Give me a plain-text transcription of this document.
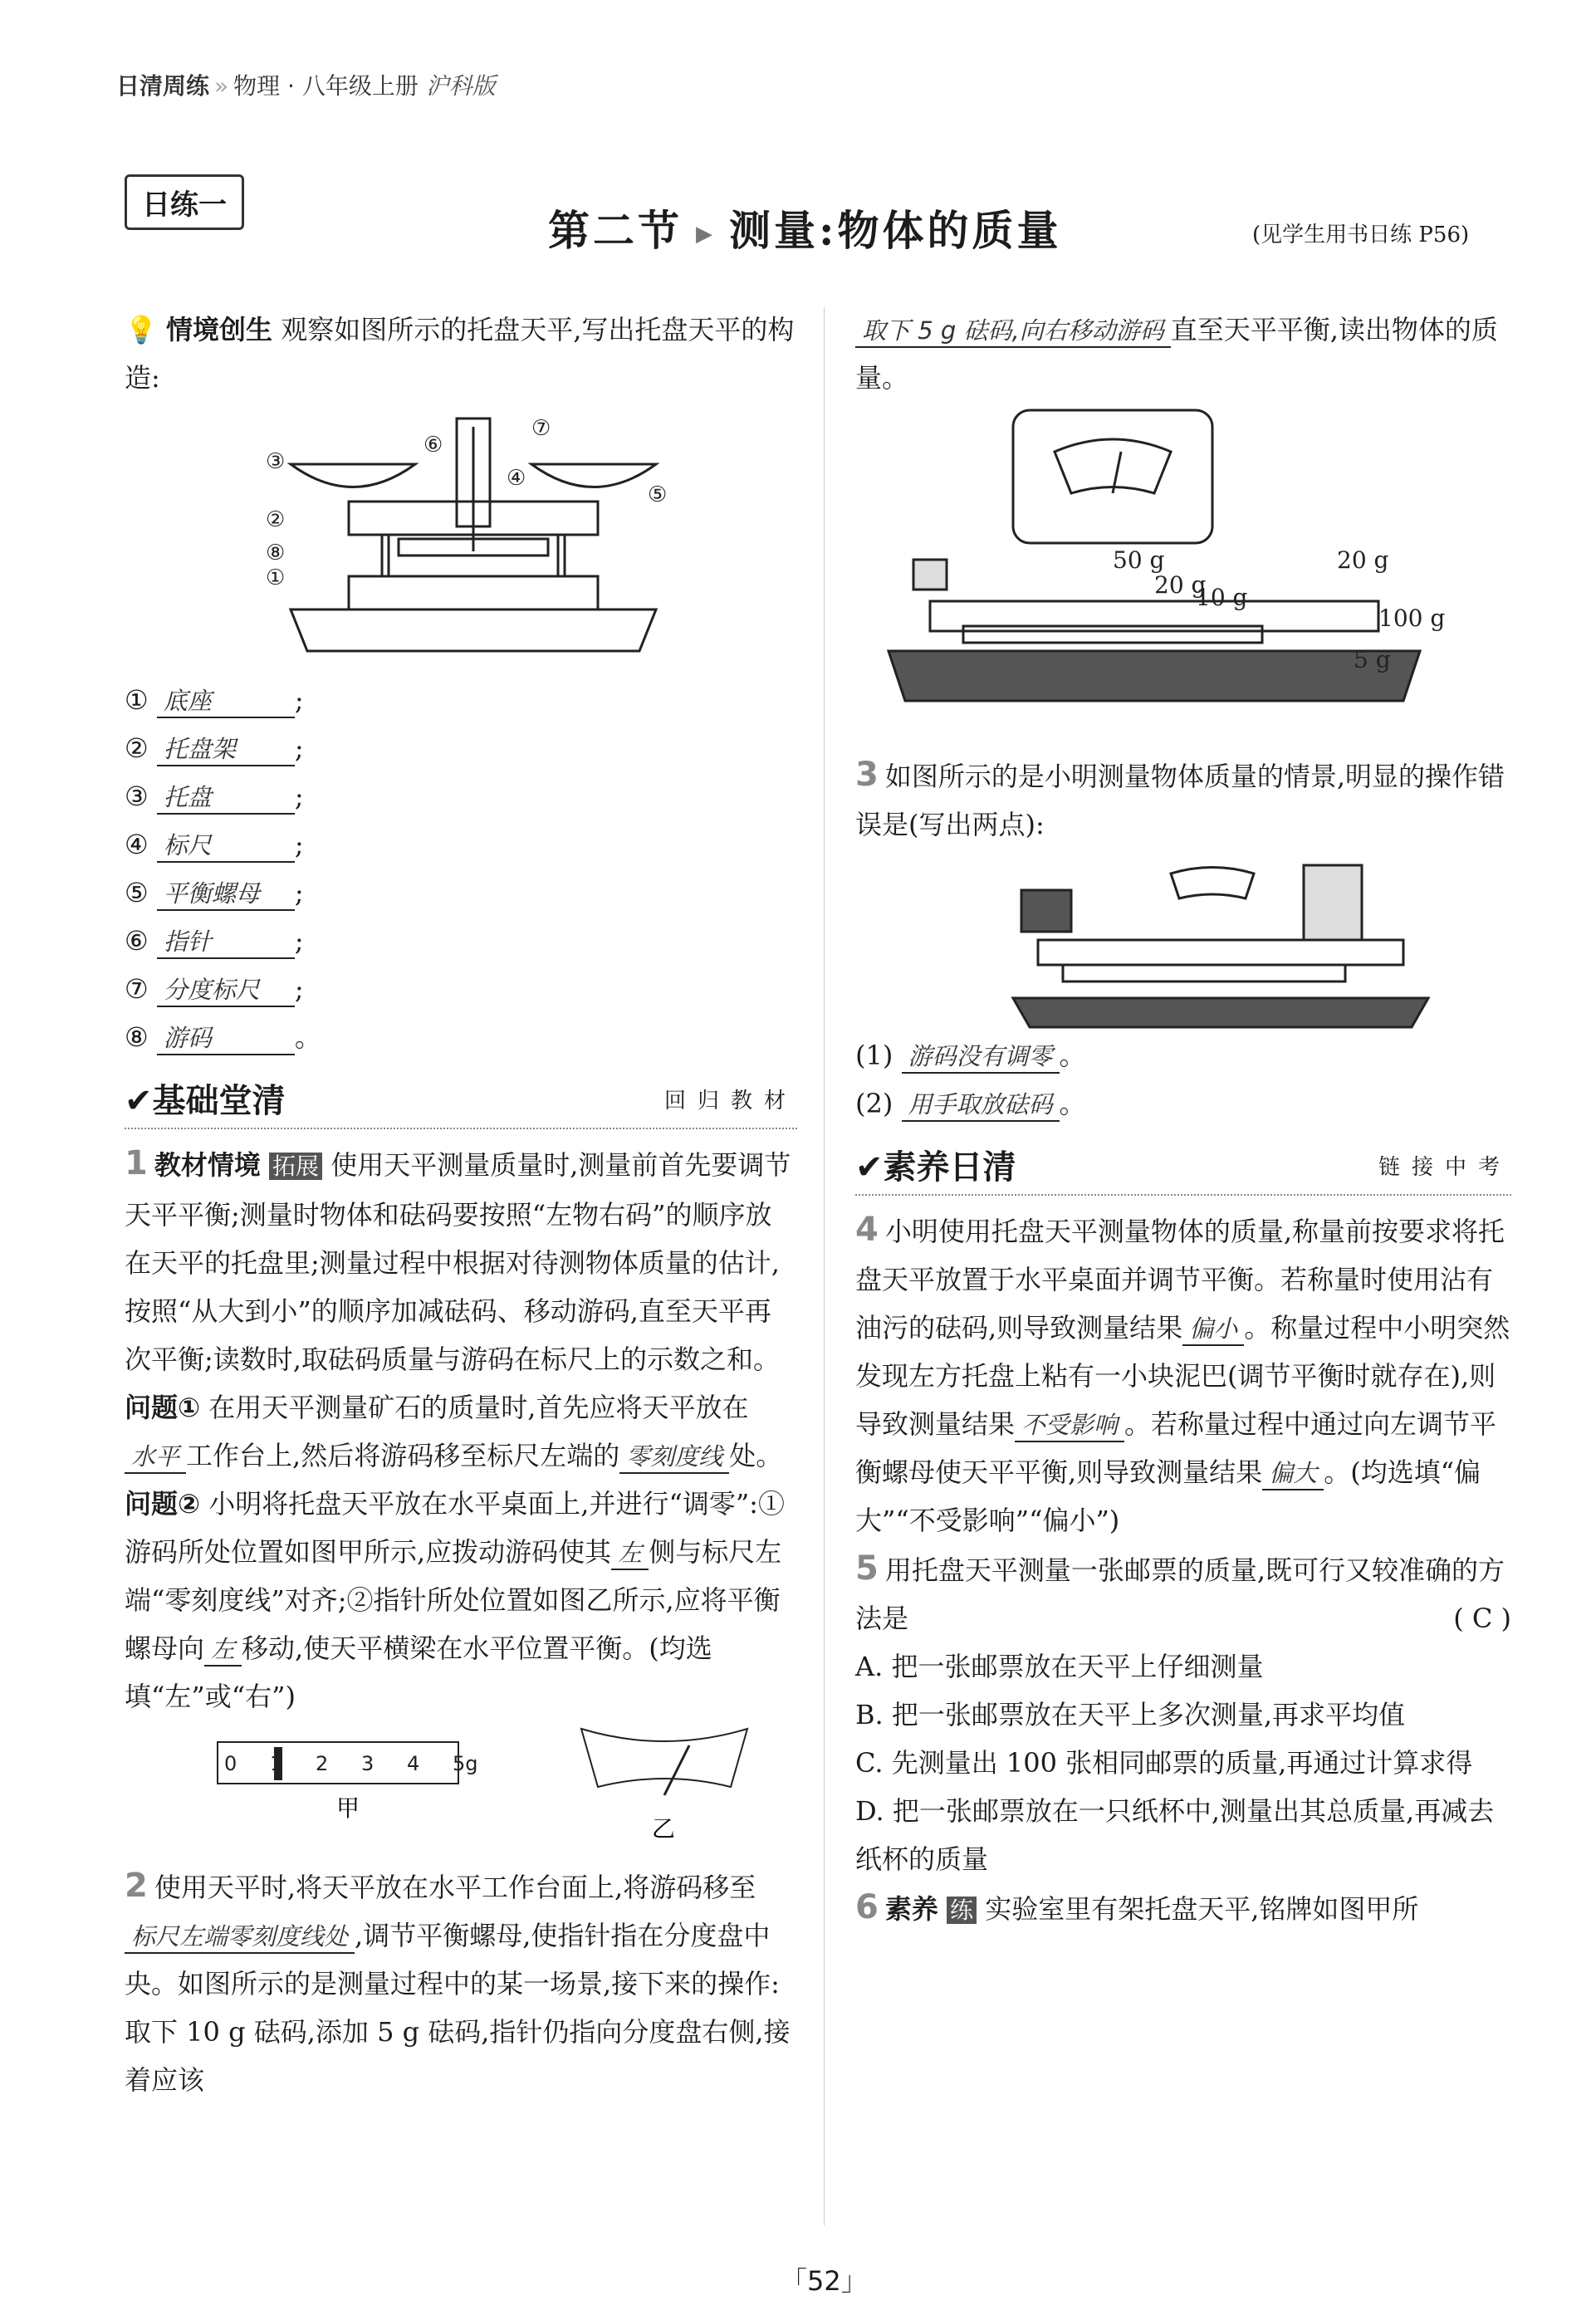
日清周练 » 物理 · 八年级上册 沪科版
日练一
第二节 ▶ 测量:物体的质量	(见学生用书日练 P56)

💡 情境创生 观察如图所示的托盘天平,写出托盘天平的构造:

①
②
③
④
⑤
⑥
⑦
⑧
① 底座	;
② 托盘架 ;
③ 托盘	;
④ 标尺	;
⑤ 平衡螺母 ;
⑥ 指针	;
⑦ 分度标尺 ;
⑧ 游码	。
✔基础堂清	回归教材

1 教材情境 拓展 使用天平测量质量时,测量前首先要调节天平平衡;测量时物体和砝码要按照“左物右码”的顺序放在天平的托盘里;测量过程中根据对待测物体质量的估计,按照“从大到小”的顺序加减砝码、移动游码,直至天平再次平衡;读数时,取砝码质量与游码在标尺上的示数之和。

问题① 在用天平测量矿石的质量时,首先应将天平放在水平 工作台上,然后将游码移至标尺左端的 零刻度线 处。

问题② 小明将托盘天平放在水平桌面上,并进行“调零”:①游码所处位置如图甲所示,应拨动游码使其 左 侧与标尺左端“零刻度线”对齐;②指针所处位置如图乙所示,应将平衡螺母向 左 移动,使天平横梁在水平位置平衡。(均选填“左”或“右”)

0 1 2 3 4 5g
甲
乙

2 使用天平时,将天平放在水平工作台面上,将游码移至标尺左端零刻度线处 ,调节平衡螺母,使指针指在分度盘中央。如图所示的是测量过程中的某一场景,接下来的操作:取下 10 g 砝码,添加 5 g 砝码,指针仍指向分度盘右侧,接着应该

取下 5 g 砝码,向右移动游码 直至天平平衡,读出物体的质量。

50 g
20 g
10 g
20 g
100 g
5 g

3 如图所示的是小明测量物体质量的情景,明显的操作错误是(写出两点):

(1) 游码没有调零 。

(2) 用手取放砝码 。

✔素养日清	链接中考

4 小明使用托盘天平测量物体的质量,称量前按要求将托盘天平放置于水平桌面并调节平衡。若称量时使用沾有油污的砝码,则导致测量结果 偏小 。称量过程中小明突然发现左方托盘上粘有一小块泥巴(调节平衡时就存在),则导致测量结果 不受影响 。若称量过程中通过向左调节平衡螺母使天平平衡,则导致测量结果 偏大 。(均选填“偏大”“不受影响”“偏小”)

5 用托盘天平测量一张邮票的质量,既可行又较准确的方法是	( C )

A. 把一张邮票放在天平上仔细测量

B. 把一张邮票放在天平上多次测量,再求平均值

C. 先测量出 100 张相同邮票的质量,再通过计算求得

D. 把一张邮票放在一只纸杯中,测量出其总质量,再减去纸杯的质量

6 素养 练 实验室里有架托盘天平,铭牌如图甲所

「52」
